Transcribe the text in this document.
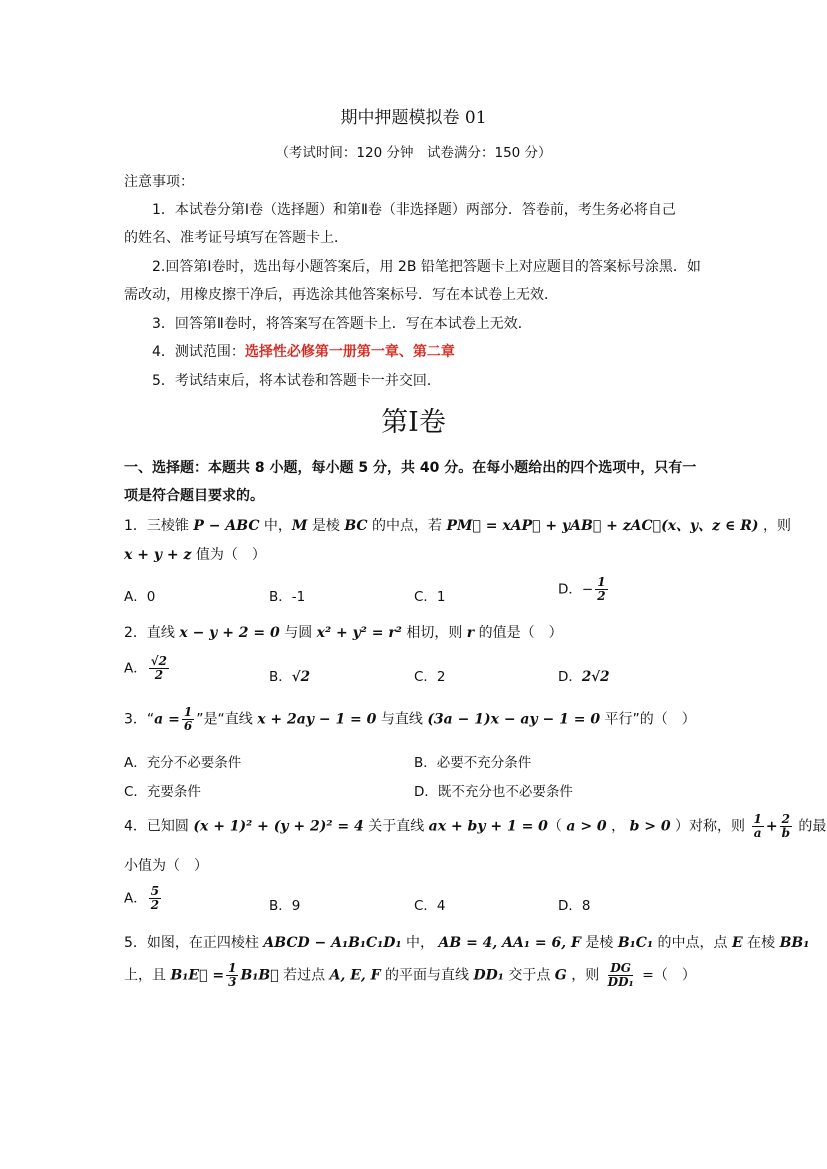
期中押题模拟卷 01
（考试时间：120 分钟　试卷满分：150 分）
注意事项：
1．本试卷分第Ⅰ卷（选择题）和第Ⅱ卷（非选择题）两部分．答卷前，考生务必将自己
的姓名、准考证号填写在答题卡上．
2.回答第Ⅰ卷时，选出每小题答案后，用 2B 铅笔把答题卡上对应题目的答案标号涂黑．如
需改动，用橡皮擦干净后，再选涂其他答案标号．写在本试卷上无效．
3．回答第Ⅱ卷时，将答案写在答题卡上．写在本试卷上无效．
4．测试范围：选择性必修第一册第一章、第二章
5．考试结束后，将本试卷和答题卡一并交回．
第Ⅰ卷
一、选择题：本题共 8 小题，每小题 5 分，共 40 分。在每小题给出的四个选项中，只有一
项是符合题目要求的。
1．三棱锥 P − ABC 中，M 是棱 BC 的中点，若 PM⃗ = xAP⃗ + yAB⃗ + zAC⃗(x、y、z ∈ R) ，则
x + y + z 值为（　）
A．0	B．-1	C．1	D．− $\frac{1}{2}$
2．直线 x − y + 2 = 0 与圆 x² + y² = r² 相切，则 r 的值是（　）
A． $\frac{√2}{2}$	B．√2	C．2	D．2√2
3．“$a = \frac{1}{6}$ ”是“直线 x + 2ay − 1 = 0 与直线 (3a − 1)x − ay − 1 = 0 平行”的（　）
A．充分不必要条件	B．必要不充分条件
C．充要条件	D．既不充分也不必要条件
4．已知圆 (x + 1)² + (y + 2)² = 4 关于直线 ax + by + 1 = 0（ a > 0 ， b > 0 ）对称，则 $\frac{1}{a} + \frac{2}{b}$ 的最
小值为（　）
A． $\frac{5}{2}$	B．9	C．4	D．8
5．如图，在正四棱柱 ABCD − A₁B₁C₁D₁ 中， AB = 4, AA₁ = 6, F 是棱 B₁C₁ 的中点，点 E 在棱 BB₁
上，且 B₁E⃗ = $\frac{1}{3}$ B₁B⃗ 若过点 A, E, F 的平面与直线 DD₁ 交于点 G ，则 $\frac{DG}{\text{DD₁}}$ =（　）
